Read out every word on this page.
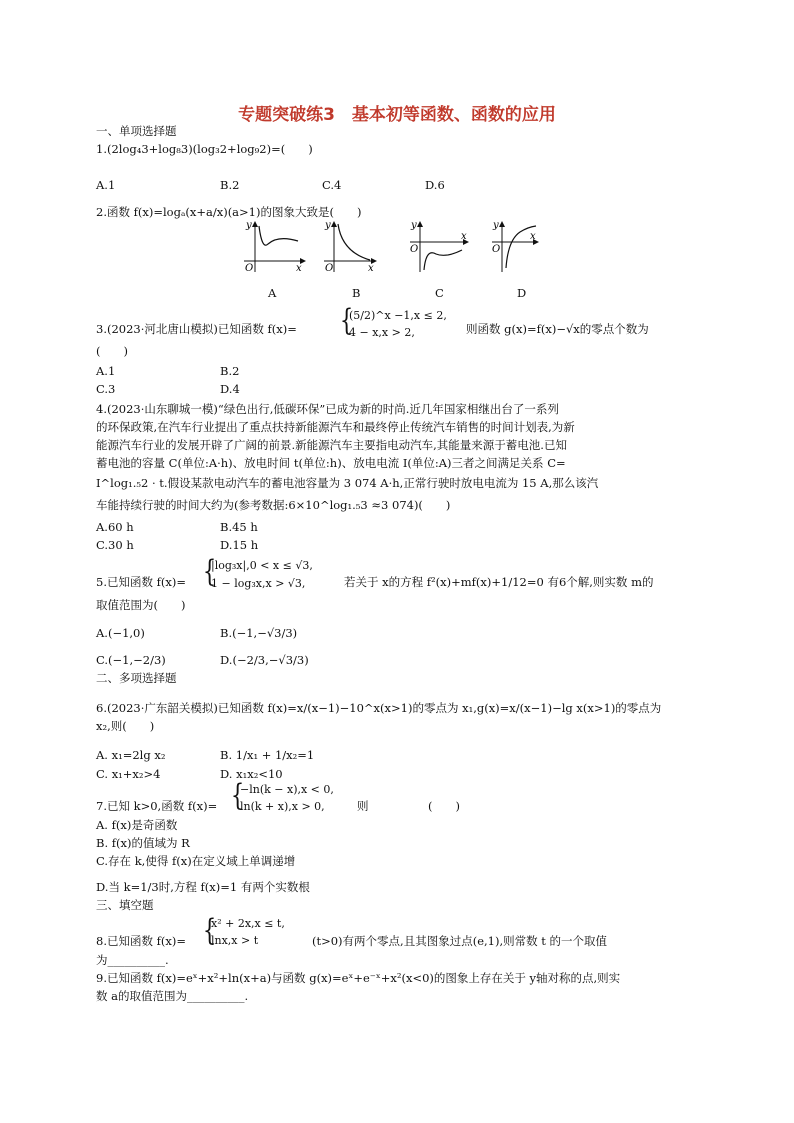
专题突破练3　基本初等函数、函数的应用
一、单项选择题
1.(2log₄3+log₈3)(log₃2+log₉2)=(　　)
A.1	B.2	C.4	D.6
2.函数 f(x)=logₐ(x+a/x)(a>1)的图象大致是(　　)
y
O	x
y
O	x
y
O
x
y
O
x
A	B	C	D
3.(2023·河北唐山模拟)已知函数 f(x)= {
(5/2)^x −1,x ≤ 2,
4 − x,x > 2,	则函数 g(x)=f(x)−√x的零点个数为
(　　)
A.1	B.2
C.3	D.4
4.(2023·山东聊城一模)“绿色出行,低碳环保”已成为新的时尚.近几年国家相继出台了一系列
的环保政策,在汽车行业提出了重点扶持新能源汽车和最终停止传统汽车销售的时间计划表,为新
能源汽车行业的发展开辟了广阔的前景.新能源汽车主要指电动汽车,其能量来源于蓄电池.已知
蓄电池的容量 C(单位:A·h)、放电时间 t(单位:h)、放电电流 I(单位:A)三者之间满足关系 C=
I^log₁.₅2 · t.假设某款电动汽车的蓄电池容量为 3 074 A·h,正常行驶时放电电流为 15 A,那么该汽
车能持续行驶的时间大约为(参考数据:6×10^log₁.₅3 ≈3 074)(　　)
A.60 h	B.45 h
C.30 h	D.15 h
5.已知函数 f(x)= {
|log₃x|,0 < x ≤ √3,
1 − log₃x,x > √3,	若关于 x的方程 f²(x)+mf(x)+1/12=0 有6个解,则实数 m的
取值范围为(　　)
A.(−1,0)	B.(−1,−√3/3)
C.(−1,−2/3)	D.(−2/3,−√3/3)
二、多项选择题
6.(2023·广东韶关模拟)已知函数 f(x)=x/(x−1)−10^x(x>1)的零点为 x₁,g(x)=x/(x−1)−lg x(x>1)的零点为
x₂,则(　　)
A. x₁=2lg x₂	B. 1/x₁ + 1/x₂=1
C. x₁+x₂>4	D. x₁x₂<10
7.已知 k>0,函数 f(x)= {
−ln(k − x),x < 0,
ln(k + x),x > 0,	则	(　　)
A. f(x)是奇函数
B. f(x)的值域为 R
C.存在 k,使得 f(x)在定义域上单调递增
D.当 k=1/3时,方程 f(x)=1 有两个实数根
三、填空题
8.已知函数 f(x)= {
x² + 2x,x ≤ t,
lnx,x > t	(t>0)有两个零点,且其图象过点(e,1),则常数 t 的一个取值
为__________.
9.已知函数 f(x)=eˣ+x²+ln(x+a)与函数 g(x)=eˣ+e⁻ˣ+x²(x<0)的图象上存在关于 y轴对称的点,则实
数 a的取值范围为__________.
